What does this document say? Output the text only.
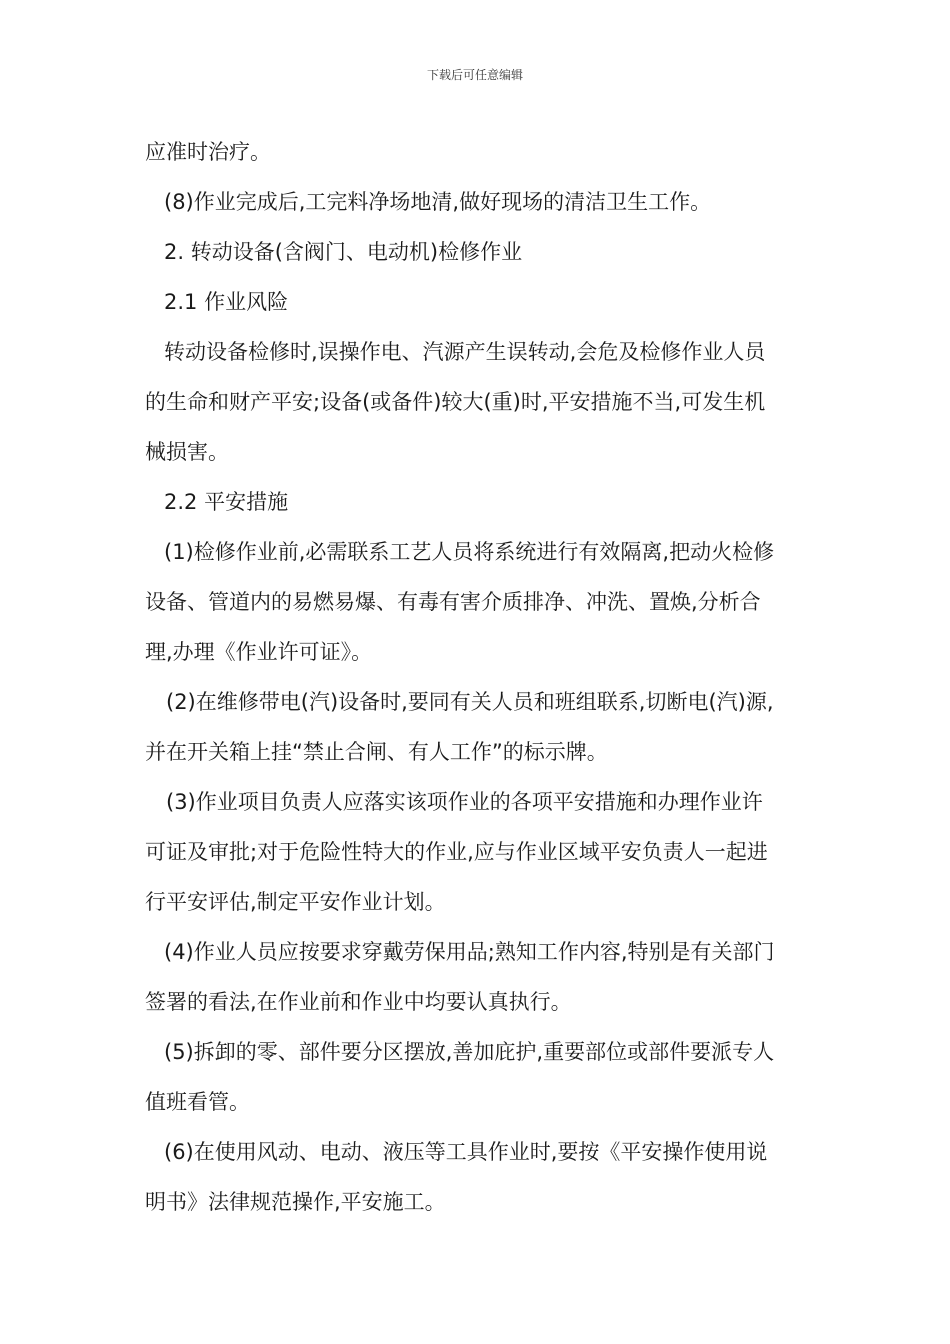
下载后可任意编辑
应准时治疗。
(8)作业完成后,工完料净场地清,做好现场的清洁卫生工作。
2. 转动设备(含阀门、电动机)检修作业
2.1 作业风险
转动设备检修时,误操作电、汽源产生误转动,会危及检修作业人员
的生命和财产平安;设备(或备件)较大(重)时,平安措施不当,可发生机
械损害。
2.2 平安措施
(1)检修作业前,必需联系工艺人员将系统进行有效隔离,把动火检修
设备、管道内的易燃易爆、有毒有害介质排净、冲洗、置焕,分析合
理,办理《作业许可证》。
(2)在维修带电(汽)设备时,要同有关人员和班组联系,切断电(汽)源,
并在开关箱上挂“禁止合闸、有人工作”的标示牌。
(3)作业项目负责人应落实该项作业的各项平安措施和办理作业许
可证及审批;对于危险性特大的作业,应与作业区域平安负责人一起进
行平安评估,制定平安作业计划。
(4)作业人员应按要求穿戴劳保用品;熟知工作内容,特别是有关部门
签署的看法,在作业前和作业中均要认真执行。
(5)拆卸的零、部件要分区摆放,善加庇护,重要部位或部件要派专人
值班看管。
(6)在使用风动、电动、液压等工具作业时,要按《平安操作使用说
明书》法律规范操作,平安施工。
